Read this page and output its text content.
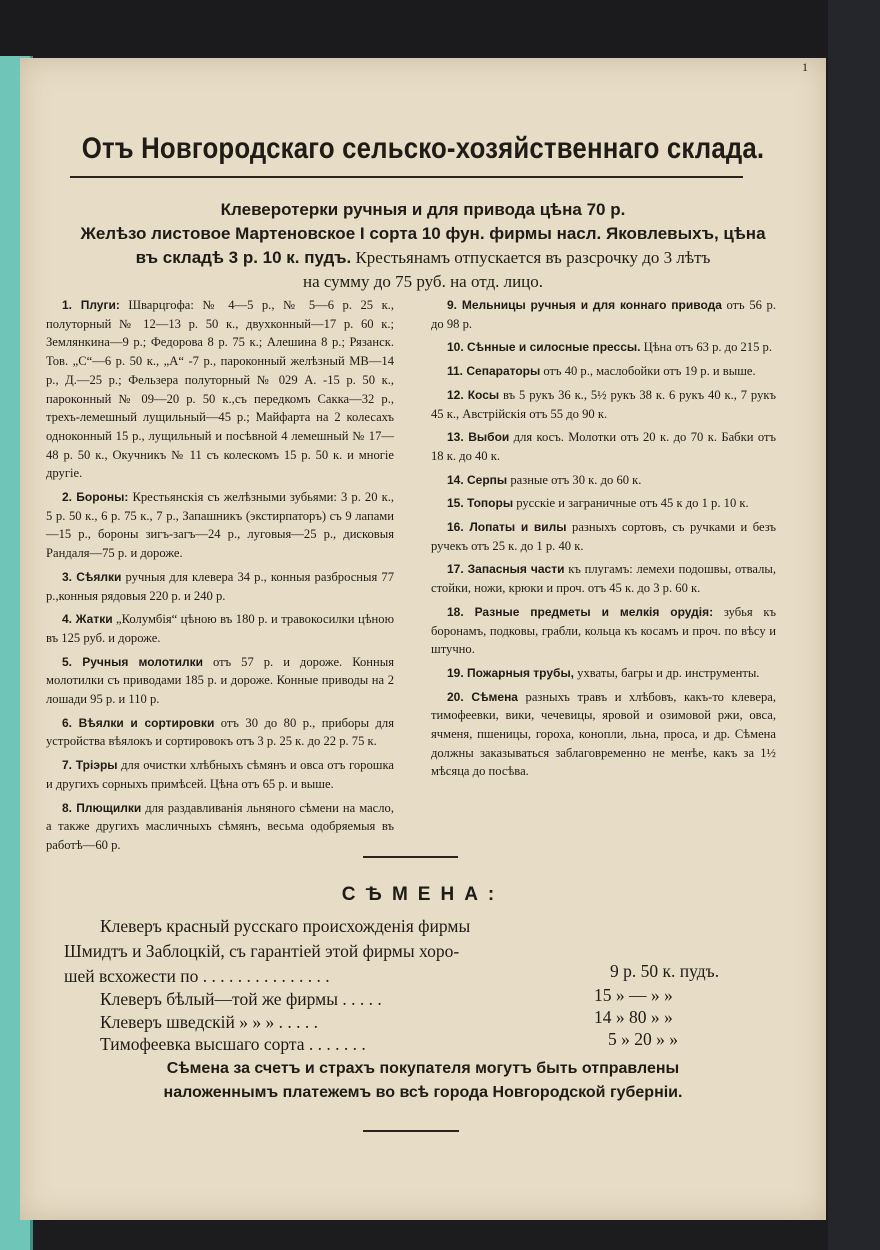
1
Отъ Новгородскаго сельско-хозяйственнаго склада.
Клеверотерки ручныя и для привода цѣна 70 р.
Желѣзо листовое Мартеновское I сорта 10 фун. фирмы насл. Яковлевыхъ, цѣна
въ складѣ 3 р. 10 к. пудъ. Крестьянамъ отпускается въ разсрочку до 3 лѣтъ
на сумму до 75 руб. на отд. лицо.

1. Плуги: Шварцгофа: № 4—5 р., № 5—6 р. 25 к., полуторный № 12—13 р. 50 к., двухконный—17 р. 60 к.; Землянкина—9 р.; Федорова 8 р. 75 к.; Алешина 8 р.; Рязанск. Тов. „С“—6 р. 50 к., „А“ -7 р., пароконный желѣзный МВ—14 р., Д.—25 р.; Фельзера полуторный № 029 А. -15 р. 50 к., пароконный № 09—20 р. 50 к.,съ передкомъ Сакка—32 р., трехъ-лемешный лущильный—45 р.; Майфарта на 2 колесахъ одноконный 15 р., лущильный и посѣвной 4 лемешный № 17—48 р. 50 к., Окучникъ № 11 съ колескомъ 15 р. 50 к. и многіе другіе.

2. Бороны: Крестьянскія съ желѣзными зубьями: 3 р. 20 к., 5 р. 50 к., 6 р. 75 к., 7 р., Запашникъ (экстирпаторъ) съ 9 лапами—15 р., бороны зигъ-загъ—24 р., луговыя—25 р., дисковыя Рандаля—75 р. и дороже.

3. Сѣялки ручныя для клевера 34 р., конныя разбросныя 77 р.,конныя рядовыя 220 р. и 240 р.

4. Жатки „Колумбія“ цѣною въ 180 р. и травокосилки цѣною въ 125 руб. и дороже.

5. Ручныя молотилки отъ 57 р. и дороже. Конныя молотилки съ приводами 185 р. и дороже. Конные приводы на 2 лошади 95 р. и 110 р.

6. Вѣялки и сортировки отъ 30 до 80 р., приборы для устройства вѣялокъ и сортировокъ отъ 3 р. 25 к. до 22 р. 75 к.

7. Тріэры для очистки хлѣбныхъ сѣмянъ и овса отъ горошка и другихъ сорныхъ примѣсей. Цѣна отъ 65 р. и выше.

8. Плющилки для раздавливанія льняного сѣмени на масло, а также другихъ масличныхъ сѣмянъ, весьма одобряемыя въ работѣ—60 р.

9. Мельницы ручныя и для коннаго привода отъ 56 р. до 98 р.

10. Сѣнные и силосные прессы. Цѣна отъ 63 р. до 215 р.

11. Сепараторы отъ 40 р., маслобойки отъ 19 р. и выше.

12. Косы въ 5 рукъ 36 к., 5½ рукъ 38 к. 6 рукъ 40 к., 7 рукъ 45 к., Австрійскія отъ 55 до 90 к.

13. Выбои для косъ. Молотки отъ 20 к. до 70 к. Бабки отъ 18 к. до 40 к.

14. Серпы разные отъ 30 к. до 60 к.

15. Топоры русскіе и заграничные отъ 45 к до 1 р. 10 к.

16. Лопаты и вилы разныхъ сортовъ, съ ручками и безъ ручекъ отъ 25 к. до 1 р. 40 к.

17. Запасныя части къ плугамъ: лемехи подошвы, отвалы, стойки, ножи, крюки и проч. отъ 45 к. до 3 р. 60 к.

18. Разные предметы и мелкія орудія: зубья къ боронамъ, подковы, грабли, кольца къ косамъ и проч. по вѣсу и штучно.

19. Пожарныя трубы, ухваты, багры и др. инструменты.

20. Сѣмена разныхъ травъ и хлѣбовъ, какъ-то клевера, тимофеевки, вики, чечевицы, яровой и озимовой ржи, овса, ячменя, пшеницы, гороха, конопли, льна, проса, и др. Сѣмена должны заказываться заблаговременно не менѣе, какъ за 1½ мѣсяца до посѣва.

СѢМЕНА:
Клеверъ красный русскаго происхожденія фирмы
Шмидтъ и Заблоцкій, съ гарантіей этой фирмы хоро-
шей всхожести по . . . . . . . . . . . . . . .	9 р. 50 к. пудъ.
Клеверъ бѣлый—той же фирмы . . . . .	15 » — » »
Клеверъ шведскій » » » . . . . .	14 » 80 » »
Тимофеевка высшаго сорта . . . . . . .	5 » 20 » »
Сѣмена за счетъ и страхъ покупателя могутъ быть отправлены
наложеннымъ платежемъ во всѣ города Новгородской губерніи.
